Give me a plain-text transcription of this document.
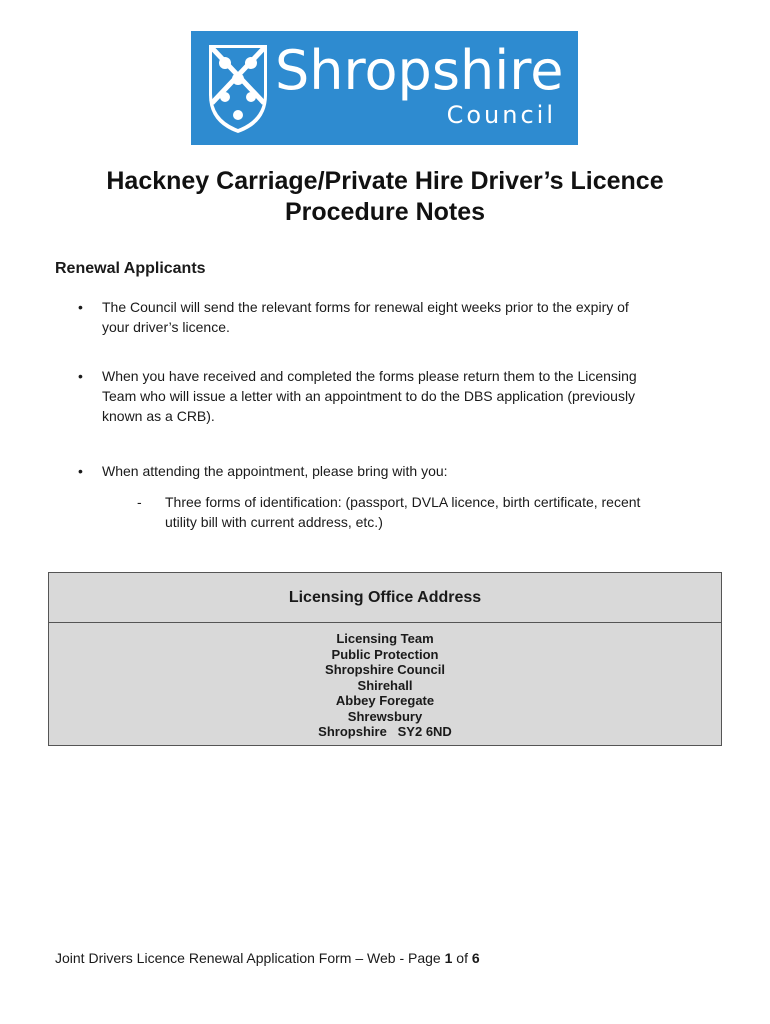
Shropshire
Council
Hackney Carriage/Private Hire Driver’s Licence
Procedure Notes
Renewal Applicants
• The Council will send the relevant forms for renewal eight weeks prior to the expiry of
your driver’s licence.
• When you have received and completed the forms please return them to the Licensing
Team who will issue a letter with an appointment to do the DBS application (previously
known as a CRB).
• When attending the appointment, please bring with you:
- Three forms of identification: (passport, DVLA licence, birth certificate, recent
utility bill with current address, etc.)
Licensing Office Address
Licensing Team
Public Protection
Shropshire Council
Shirehall
Abbey Foregate
Shrewsbury
Shropshire   SY2 6ND
Joint Drivers Licence Renewal Application Form – Web - Page 1 of 6
